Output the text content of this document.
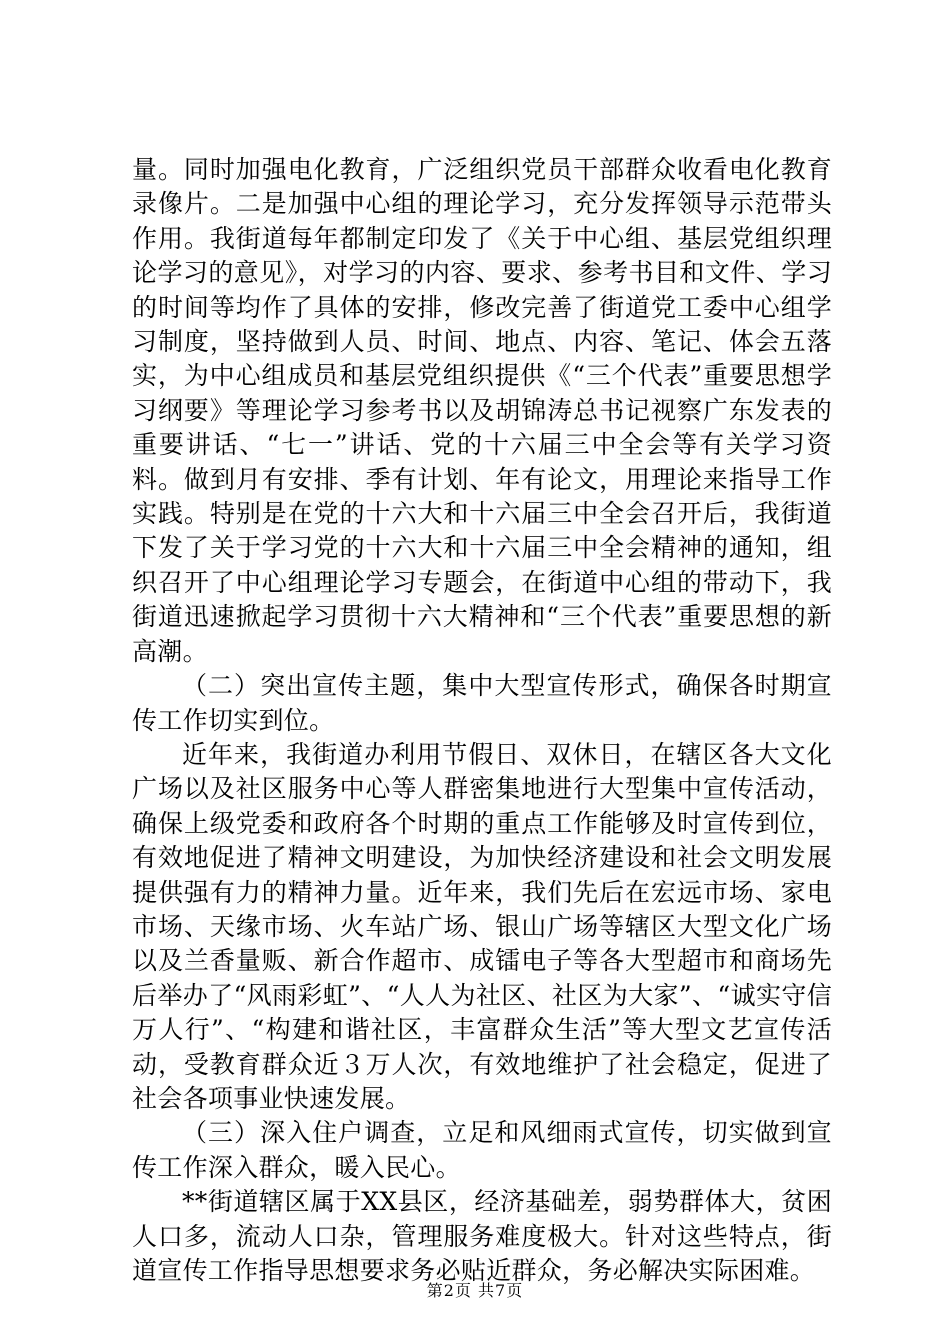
量。同时加强电化教育，广泛组织党员干部群众收看电化教育录像片。二是加强中心组的理论学习，充分发挥领导示范带头作用。我街道每年都制定印发了《关于中心组、基层党组织理论学习的意见》，对学习的内容、要求、参考书目和文件、学习的时间等均作了具体的安排，修改完善了街道党工委中心组学习制度，坚持做到人员、时间、地点、内容、笔记、体会五落实，为中心组成员和基层党组织提供《“三个代表”重要思想学习纲要》等理论学习参考书以及胡锦涛总书记视察广东发表的重要讲话、“七一”讲话、党的十六届三中全会等有关学习资料。做到月有安排、季有计划、年有论文，用理论来指导工作实践。特别是在党的十六大和十六届三中全会召开后，我街道下发了关于学习党的十六大和十六届三中全会精神的通知，组织召开了中心组理论学习专题会，在街道中心组的带动下，我街道迅速掀起学习贯彻十六大精神和“三个代表”重要思想的新高潮。

（二）突出宣传主题，集中大型宣传形式，确保各时期宣传工作切实到位。

近年来，我街道办利用节假日、双休日，在辖区各大文化广场以及社区服务中心等人群密集地进行大型集中宣传活动，确保上级党委和政府各个时期的重点工作能够及时宣传到位，有效地促进了精神文明建设，为加快经济建设和社会文明发展提供强有力的精神力量。近年来，我们先后在宏远市场、家电市场、天缘市场、火车站广场、银山广场等辖区大型文化广场以及兰香量贩、新合作超市、成镭电子等各大型超市和商场先后举办了“风雨彩虹”、“人人为社区、社区为大家”、“诚实守信万人行”、“构建和谐社区，丰富群众生活”等大型文艺宣传活动，受教育群众近３万人次，有效地维护了社会稳定，促进了社会各项事业快速发展。

（三）深入住户调查，立足和风细雨式宣传，切实做到宣传工作深入群众，暖入民心。

**街道辖区属于XX县区，经济基础差，弱势群体大，贫困人口多，流动人口杂，管理服务难度极大。针对这些特点，街道宣传工作指导思想要求务必贴近群众，务必解决实际困难。

第2页 共7页
